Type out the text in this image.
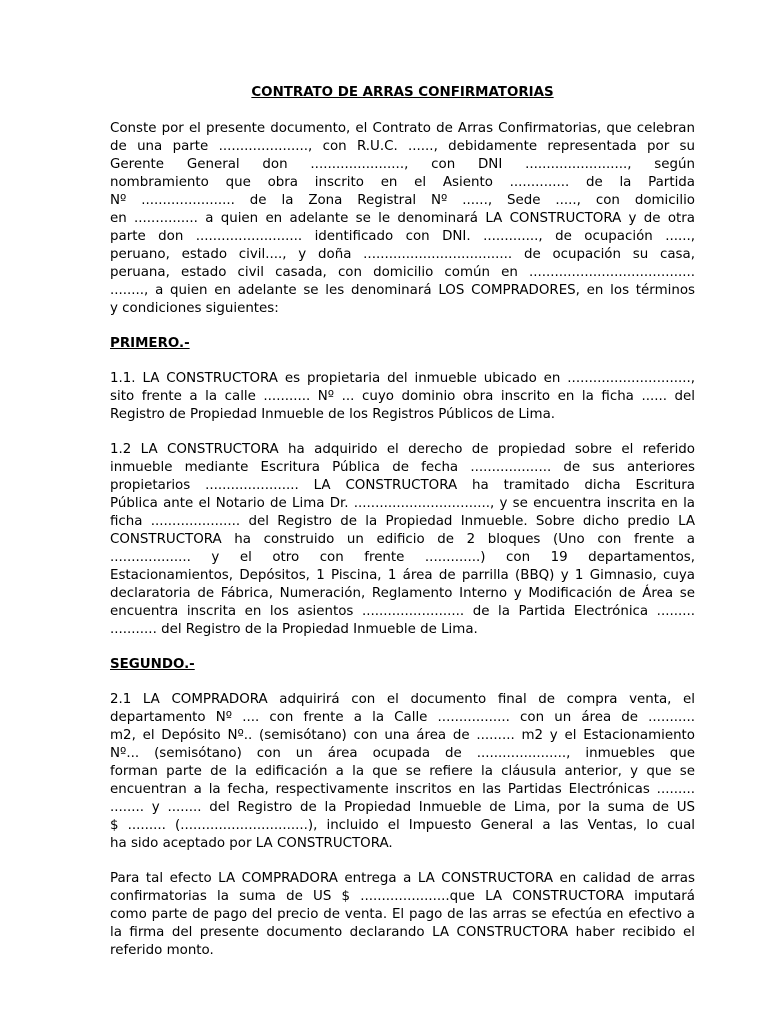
CONTRATO DE ARRAS CONFIRMATORIAS
Conste por el presente documento, el Contrato de Arras Confirmatorias, que celebran
de una parte ....................., con R.U.C. ......, debidamente representada por su
Gerente General don ......................, con DNI ........................, según
nombramiento que obra inscrito en el Asiento .............. de la Partida
Nº ...................... de la Zona Registral Nº ......, Sede ....., con domicilio
en ............... a quien en adelante se le denominará LA CONSTRUCTORA y de otra
parte don ......................... identificado con DNI. ............., de ocupación ......,
peruano, estado civil...., y doña ................................... de ocupación su casa,
peruana, estado civil casada, con domicilio común en .......................................
........, a quien en adelante se les denominará LOS COMPRADORES, en los términos
y condiciones siguientes:
PRIMERO.-
1.1. LA CONSTRUCTORA es propietaria del inmueble ubicado en .............................,
sito frente a la calle ........... Nº ... cuyo dominio obra inscrito en la ficha ...... del
Registro de Propiedad Inmueble de los Registros Públicos de Lima.
1.2 LA CONSTRUCTORA ha adquirido el derecho de propiedad sobre el referido
inmueble mediante Escritura Pública de fecha ................... de sus anteriores
propietarios ...................... LA CONSTRUCTORA ha tramitado dicha Escritura
Pública ante el Notario de Lima Dr. ................................, y se encuentra inscrita en la
ficha ..................... del Registro de la Propiedad Inmueble. Sobre dicho predio LA
CONSTRUCTORA ha construido un edificio de 2 bloques (Uno con frente a
................... y el otro con frente .............) con 19 departamentos,
Estacionamientos, Depósitos, 1 Piscina, 1 área de parrilla (BBQ) y 1 Gimnasio, cuya
declaratoria de Fábrica, Numeración, Reglamento Interno y Modificación de Área se
encuentra inscrita en los asientos ........................ de la Partida Electrónica .........
........... del Registro de la Propiedad Inmueble de Lima.
SEGUNDO.-
2.1 LA COMPRADORA adquirirá con el documento final de compra venta, el
departamento Nº .... con frente a la Calle ................. con un área de ...........
m2, el Depósito Nº.. (semisótano) con una área de ......... m2 y el Estacionamiento
Nº... (semisótano) con un área ocupada de ....................., inmuebles que
forman parte de la edificación a la que se refiere la cláusula anterior, y que se
encuentran a la fecha, respectivamente inscritos en las Partidas Electrónicas .........
........ y ........ del Registro de la Propiedad Inmueble de Lima, por la suma de US
$ ......... (..............................), incluido el Impuesto General a las Ventas, lo cual
ha sido aceptado por LA CONSTRUCTORA.
Para tal efecto LA COMPRADORA entrega a LA CONSTRUCTORA en calidad de arras
confirmatorias la suma de US $ .....................que LA CONSTRUCTORA imputará
como parte de pago del precio de venta. El pago de las arras se efectúa en efectivo a
la firma del presente documento declarando LA CONSTRUCTORA haber recibido el
referido monto.
